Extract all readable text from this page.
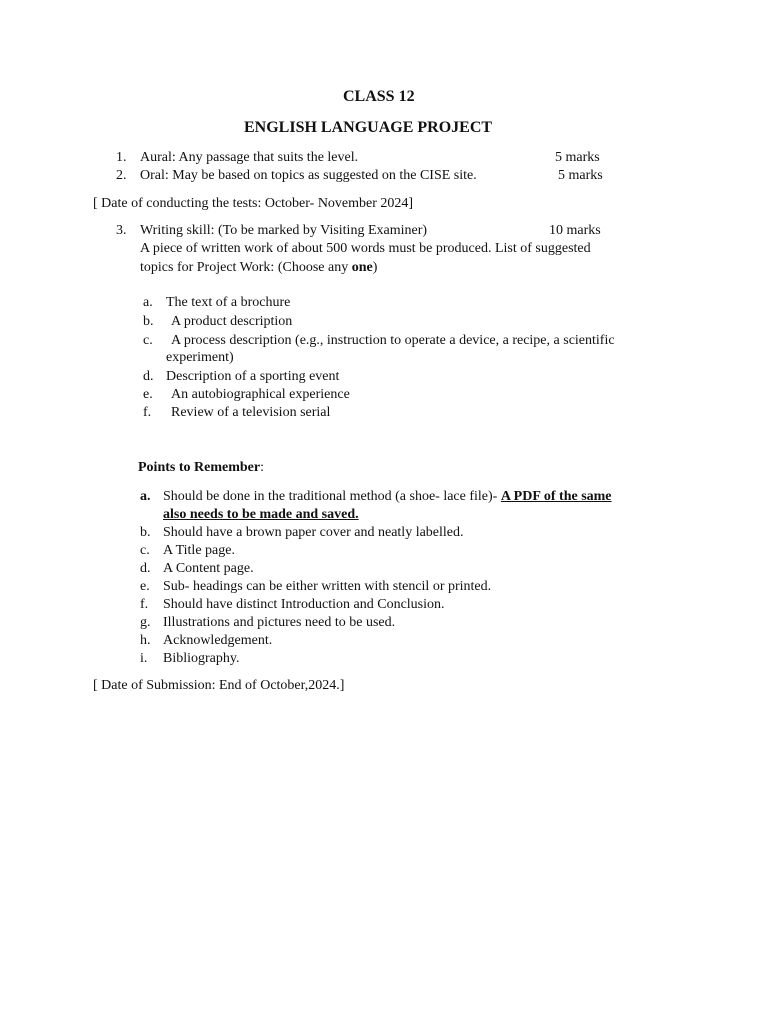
CLASS 12
ENGLISH LANGUAGE PROJECT
1. Aural: Any passage that suits the level.	5 marks
2. Oral: May be based on topics as suggested on the CISE site.	5 marks
[ Date of conducting the tests: October- November 2024]
3. Writing skill: (To be marked by Visiting Examiner)	10 marks
A piece of written work of about 500 words must be produced. List of suggested
topics for Project Work: (Choose any one)
a. The text of a brochure
b. A product description
c. A process description (e.g., instruction to operate a device, a recipe, a scientific
experiment)
d. Description of a sporting event
e. An autobiographical experience
f. Review of a television serial
Points to Remember:
a. Should be done in the traditional method (a shoe- lace file)- A PDF of the same
also needs to be made and saved.
b. Should have a brown paper cover and neatly labelled.
c. A Title page.
d. A Content page.
e. Sub- headings can be either written with stencil or printed.
f. Should have distinct Introduction and Conclusion.
g. Illustrations and pictures need to be used.
h. Acknowledgement.
i. Bibliography.
[ Date of Submission: End of October,2024.]
